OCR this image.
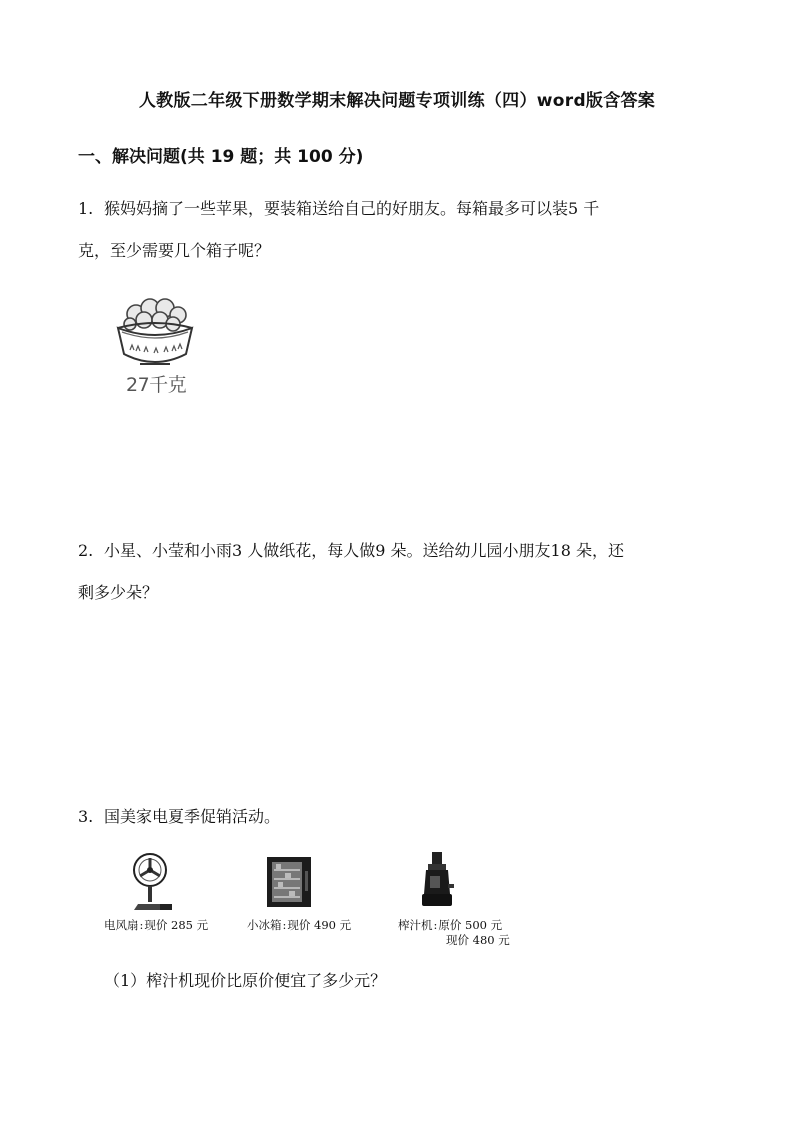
人教版二年级下册数学期末解决问题专项训练（四）word版含答案
一、解决问题(共 19 题；共 100 分)
1. 猴妈妈摘了一些苹果，要装箱送给自己的好朋友。每箱最多可以装5 千
克，至少需要几个箱子呢？
27千克
2. 小星、小莹和小雨3 人做纸花，每人做9 朵。送给幼儿园小朋友18 朵，还
剩多少朵？
3. 国美家电夏季促销活动。
电风扇:现价 285 元	小冰箱:现价 490 元	榨汁机:原价 500 元
现价 480 元
（1）榨汁机现价比原价便宜了多少元？
